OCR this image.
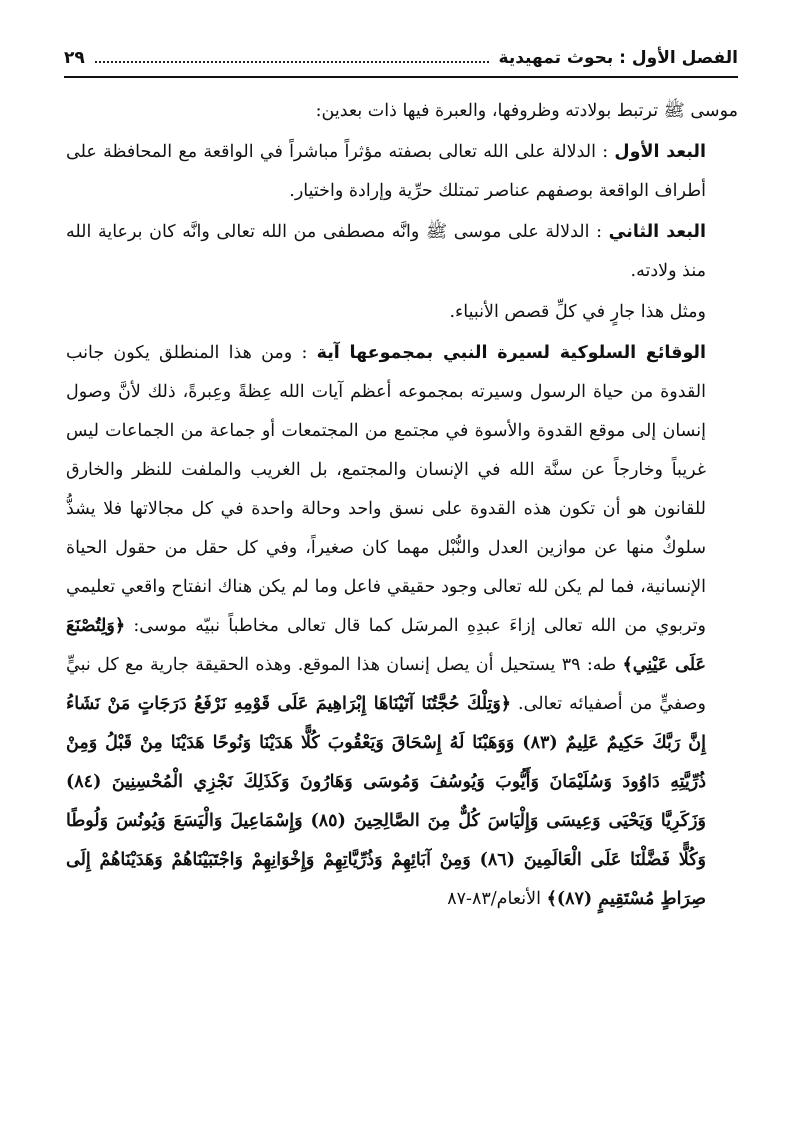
الفصل الأول : بحوث تمهيدية
٢٩

موسى ﷺ ترتبط بولادته وظروفها، والعبرة فيها ذات بعدين:

البعد الأول : الدلالة على الله تعالى بصفته مؤثراً مباشراً في الواقعة مع المحافظة على أطراف الواقعة بوصفهم عناصر تمتلك حرِّية وإرادة واختيار.

البعد الثاني : الدلالة على موسى ﷺ وانَّه مصطفى من الله تعالى وانَّه كان برعاية الله منذ ولادته.

ومثل هذا جارٍ في كلِّ قصص الأنبياء.

الوقائع السلوكية لسيرة النبي بمجموعها آية : ومن هذا المنطلق يكون جانب القدوة من حياة الرسول وسيرته بمجموعه أعظم آيات الله عِظةً وعِبرةً، ذلك لأنَّ وصول إنسان إلى موقع القدوة والأسوة في مجتمع من المجتمعات أو جماعة من الجماعات ليس غريباً وخارجاً عن سنَّة الله في الإنسان والمجتمع، بل الغريب والملفت للنظر والخارق للقانون هو أن تكون هذه القدوة على نسق واحد وحالة واحدة في كل مجالاتها فلا يشذُّ سلوكٌ منها عن موازين العدل والنُّبْل مهما كان صغيراً، وفي كل حقل من حقول الحياة الإنسانية، فما لم يكن لله تعالى وجود حقيقي فاعل وما لم يكن هناك انفتاح واقعي تعليمي وتربوي من الله تعالى إزاءَ عبدِهِ المرسَل كما قال تعالى مخاطباً نبيّه موسى: ﴿وَلِتُصْنَعَ عَلَى عَيْنِي﴾ طه: ٣٩ يستحيل أن يصل إنسان هذا الموقع. وهذه الحقيقة جارية مع كل نبيٍّ وصفيٍّ من أصفيائه تعالى. ﴿وَتِلْكَ حُجَّتُنَا آتَيْنَاهَا إِبْرَاهِيمَ عَلَى قَوْمِهِ نَرْفَعُ دَرَجَاتٍ مَنْ نَشَاءُ إِنَّ رَبَّكَ حَكِيمٌ عَلِيمٌ (٨٣) وَوَهَبْنَا لَهُ إِسْحَاقَ وَيَعْقُوبَ كُلًّا هَدَيْنَا وَنُوحًا هَدَيْنَا مِنْ قَبْلُ وَمِنْ ذُرِّيَّتِهِ دَاوُودَ وَسُلَيْمَانَ وَأَيُّوبَ وَيُوسُفَ وَمُوسَى وَهَارُونَ وَكَذَلِكَ نَجْزِي الْمُحْسِنِينَ (٨٤) وَزَكَرِيَّا وَيَحْيَى وَعِيسَى وَإِلْيَاسَ كُلٌّ مِنَ الصَّالِحِينَ (٨٥) وَإِسْمَاعِيلَ وَالْيَسَعَ وَيُونُسَ وَلُوطًا وَكُلًّا فَضَّلْنَا عَلَى الْعَالَمِينَ (٨٦) وَمِنْ آبَائِهِمْ وَذُرِّيَّاتِهِمْ وَإِخْوَانِهِمْ وَاجْتَبَيْنَاهُمْ وَهَدَيْنَاهُمْ إِلَى صِرَاطٍ مُسْتَقِيمٍ (٨٧)﴾ الأنعام/٨٣-٨٧
